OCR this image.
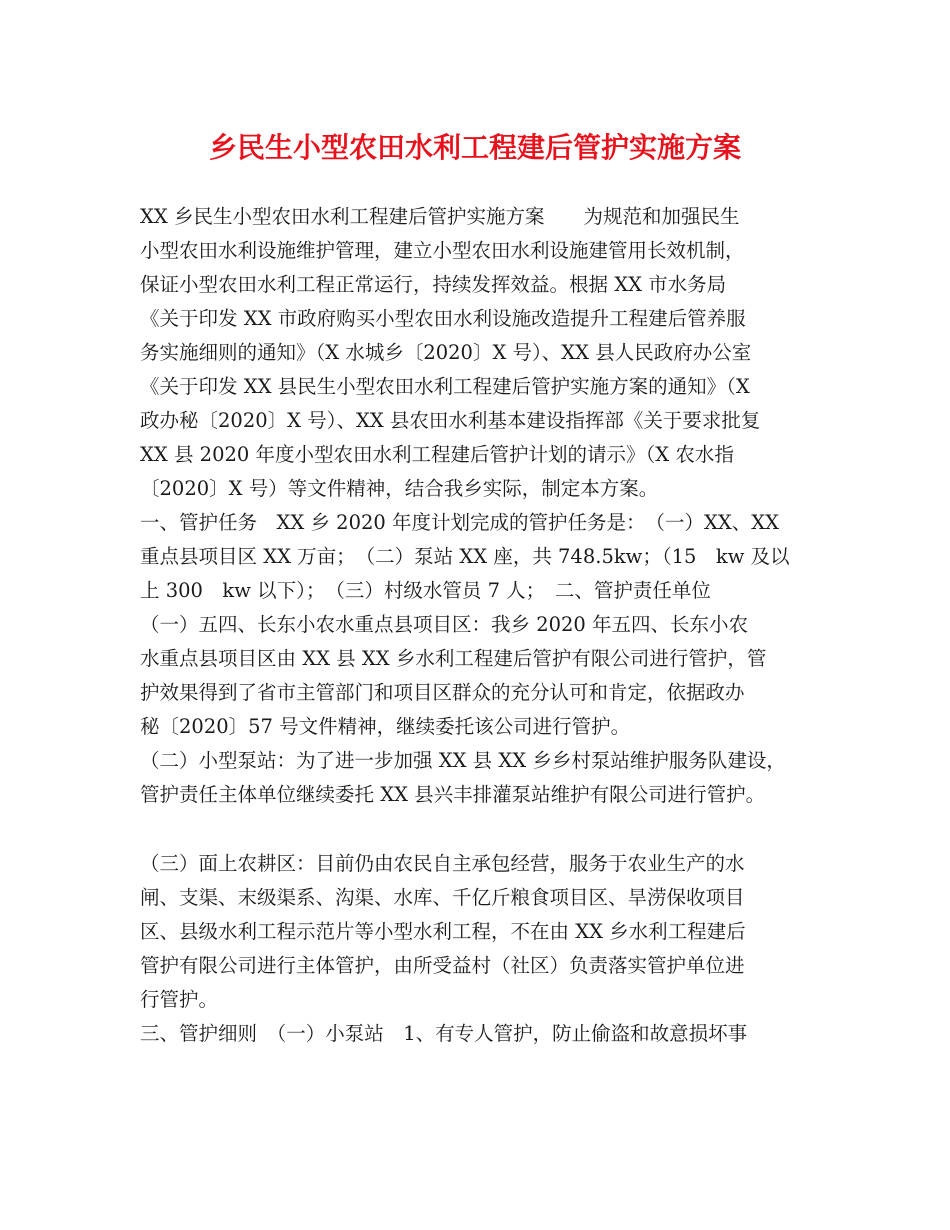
乡民生小型农田水利工程建后管护实施方案
XX 乡民生小型农田水利工程建后管护实施方案　　为规范和加强民生
小型农田水利设施维护管理，建立小型农田水利设施建管用长效机制，
保证小型农田水利工程正常运行，持续发挥效益。根据 XX 市水务局
《关于印发 XX 市政府购买小型农田水利设施改造提升工程建后管养服
务实施细则的通知》（X 水城乡〔2020〕X 号）、XX 县人民政府办公室
《关于印发 XX 县民生小型农田水利工程建后管护实施方案的通知》（X
政办秘〔2020〕X 号）、XX 县农田水利基本建设指挥部《关于要求批复
XX 县 2020 年度小型农田水利工程建后管护计划的请示》（X 农水指
〔2020〕X 号）等文件精神，结合我乡实际，制定本方案。
一、管护任务　XX 乡 2020 年度计划完成的管护任务是：　（一）XX、XX
重点县项目区 XX 万亩；　（二）泵站 XX 座，共 748.5kw；（15　kw 及以
上 300　kw 以下）；　（三）村级水管员 7 人；　二、管护责任单位
（一）五四、长东小农水重点县项目区：我乡 2020 年五四、长东小农
水重点县项目区由 XX 县 XX 乡水利工程建后管护有限公司进行管护，管
护效果得到了省市主管部门和项目区群众的充分认可和肯定，依据政办
秘〔2020〕57 号文件精神，继续委托该公司进行管护。
（二）小型泵站：为了进一步加强 XX 县 XX 乡乡村泵站维护服务队建设，
管护责任主体单位继续委托 XX 县兴丰排灌泵站维护有限公司进行管护。
（三）面上农耕区：目前仍由农民自主承包经营，服务于农业生产的水
闸、支渠、末级渠系、沟渠、水库、千亿斤粮食项目区、旱涝保收项目
区、县级水利工程示范片等小型水利工程，不在由 XX 乡水利工程建后
管护有限公司进行主体管护，由所受益村（社区）负责落实管护单位进
行管护。
三、管护细则　（一）小泵站　1、有专人管护，防止偷盗和故意损坏事
